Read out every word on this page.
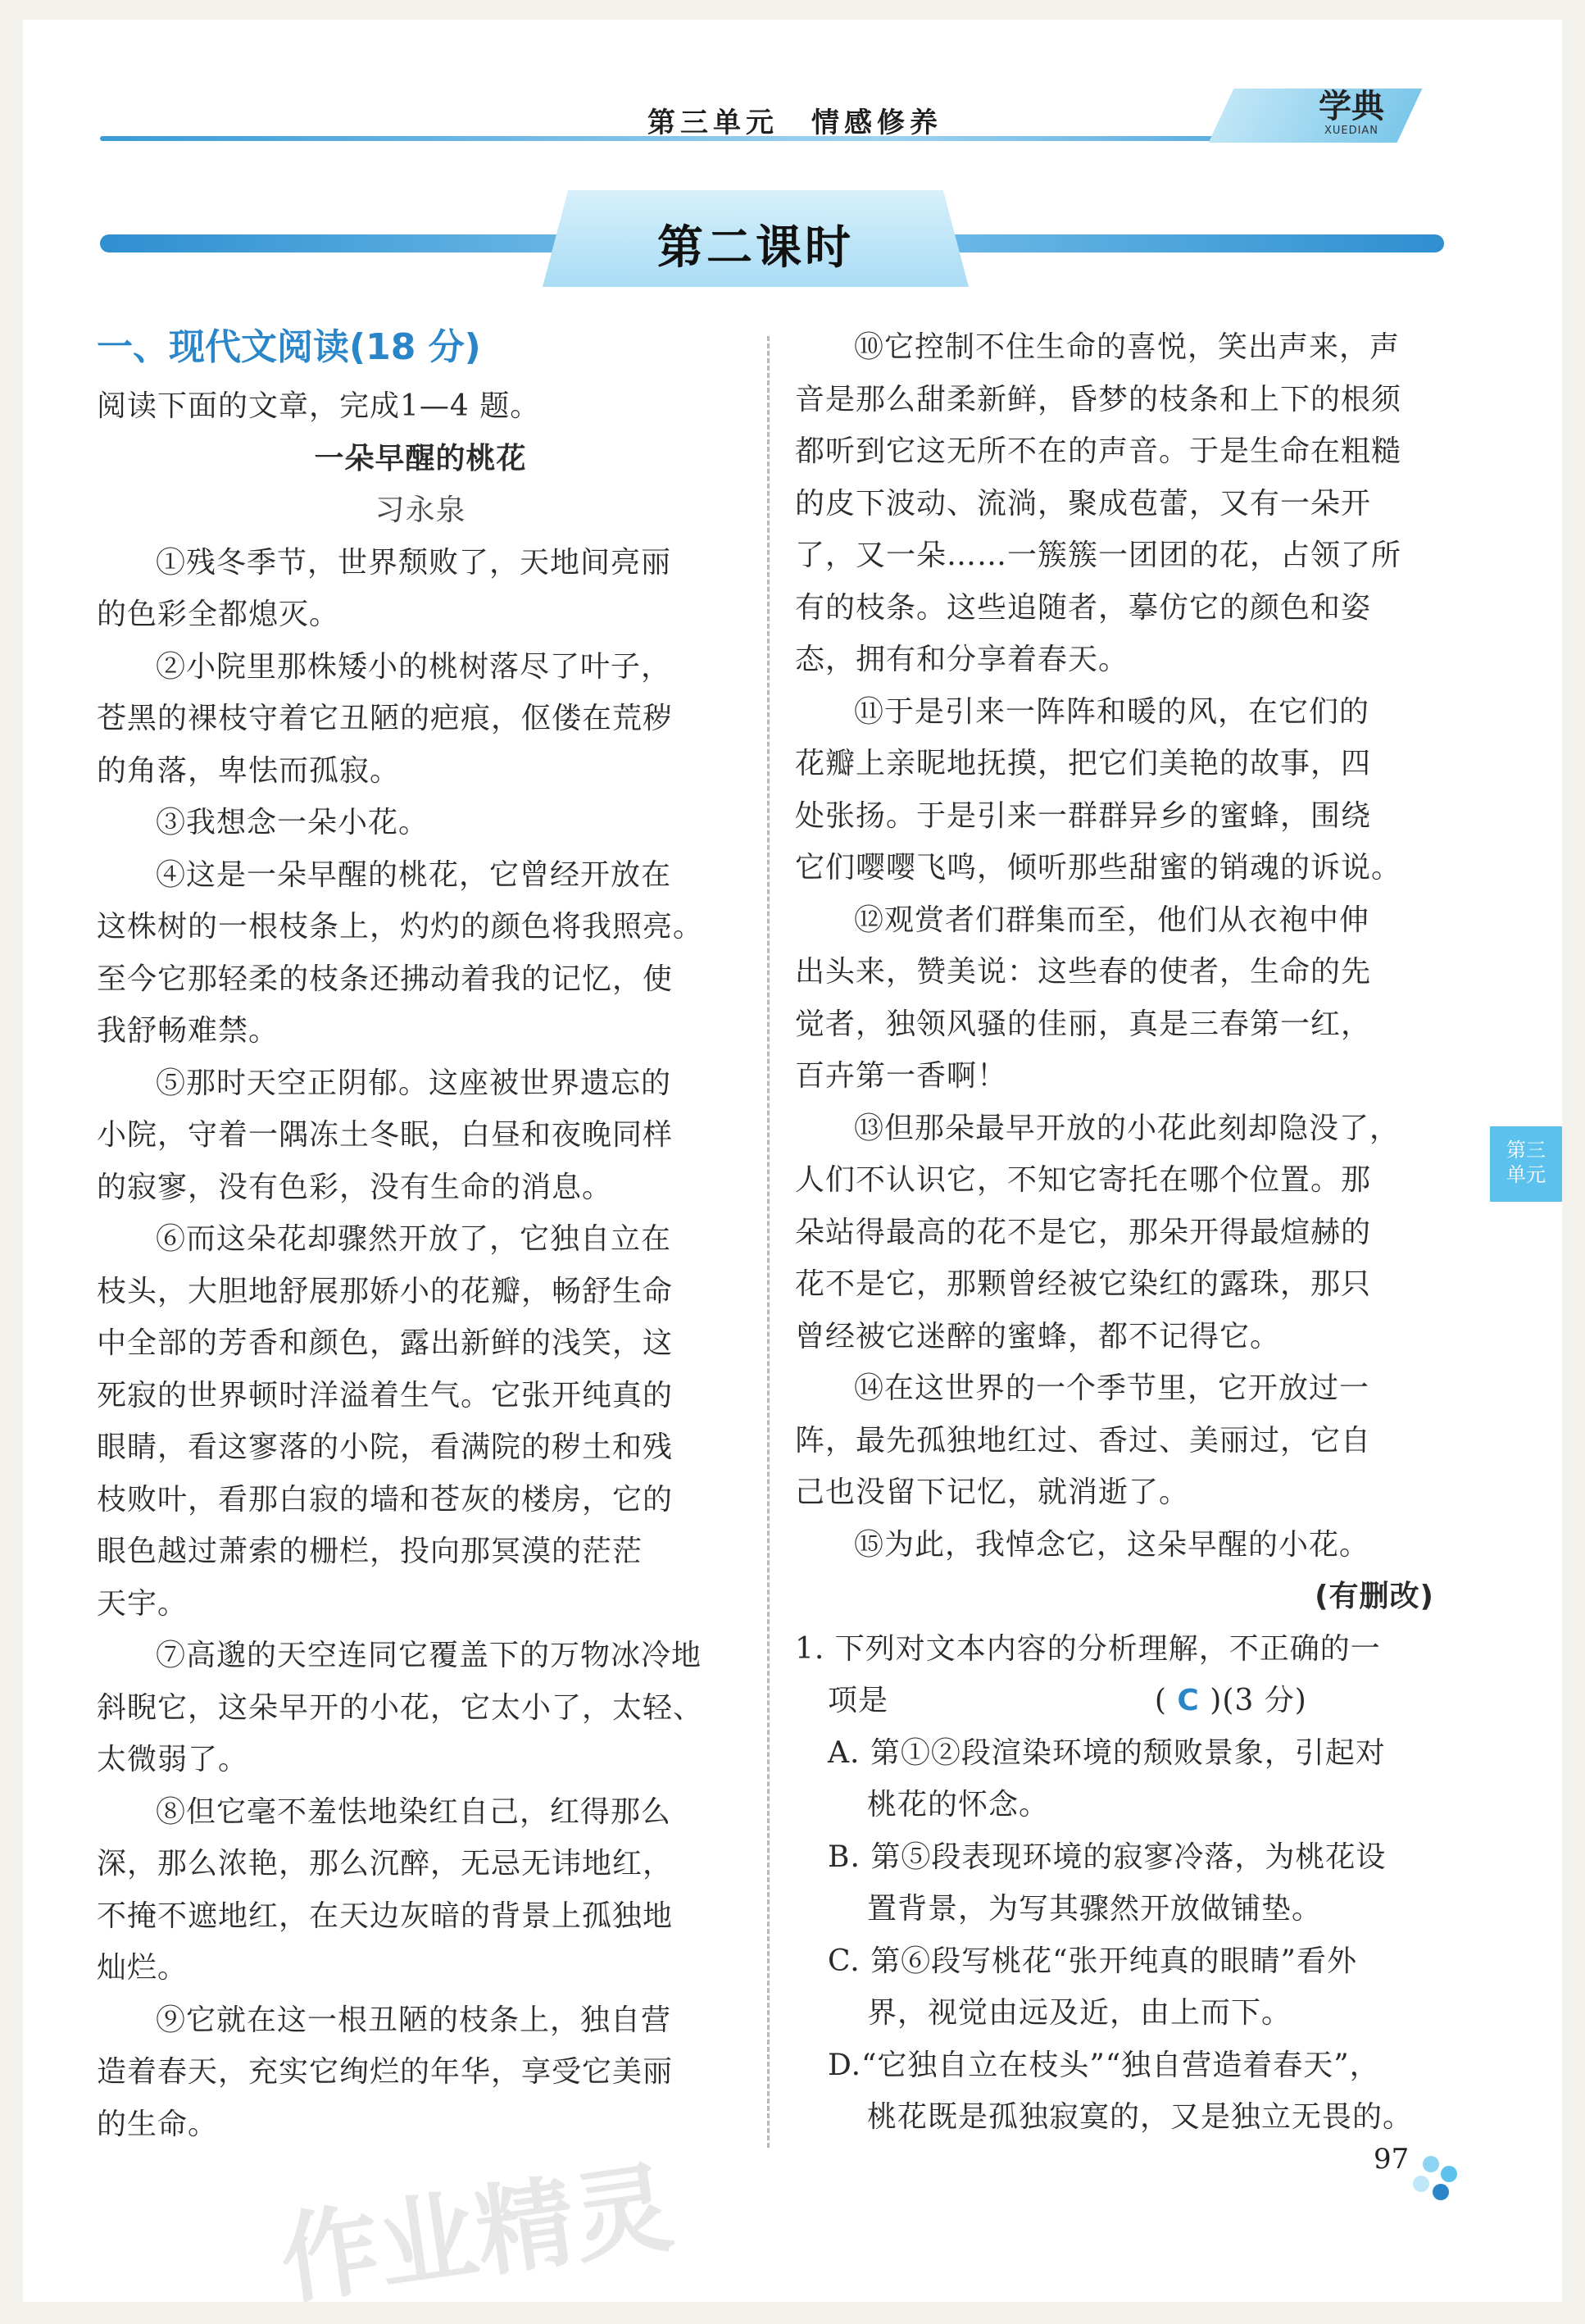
第三单元　情感修养	学典
XUEDIAN
第二课时
一、现代文阅读(18 分)

阅读下面的文章，完成1—4 题。

一朵早醒的桃花

习永泉

①残冬季节，世界颓败了，天地间亮丽

的色彩全都熄灭。

②小院里那株矮小的桃树落尽了叶子，

苍黑的裸枝守着它丑陋的疤痕，伛偻在荒秽

的角落，卑怯而孤寂。

③我想念一朵小花。

④这是一朵早醒的桃花，它曾经开放在

这株树的一根枝条上，灼灼的颜色将我照亮。

至今它那轻柔的枝条还拂动着我的记忆，使

我舒畅难禁。

⑤那时天空正阴郁。这座被世界遗忘的

小院，守着一隅冻土冬眠，白昼和夜晚同样

的寂寥，没有色彩，没有生命的消息。

⑥而这朵花却骤然开放了，它独自立在

枝头，大胆地舒展那娇小的花瓣，畅舒生命

中全部的芳香和颜色，露出新鲜的浅笑，这

死寂的世界顿时洋溢着生气。它张开纯真的

眼睛，看这寥落的小院，看满院的秽土和残

枝败叶，看那白寂的墙和苍灰的楼房，它的

眼色越过萧索的栅栏，投向那冥漠的茫茫

天宇。

⑦高邈的天空连同它覆盖下的万物冰冷地

斜睨它，这朵早开的小花，它太小了，太轻、

太微弱了。

⑧但它毫不羞怯地染红自己，红得那么

深，那么浓艳，那么沉醉，无忌无讳地红，

不掩不遮地红，在天边灰暗的背景上孤独地

灿烂。

⑨它就在这一根丑陋的枝条上，独自营

造着春天，充实它绚烂的年华，享受它美丽

的生命。

⑩它控制不住生命的喜悦，笑出声来，声

音是那么甜柔新鲜，昏梦的枝条和上下的根须

都听到它这无所不在的声音。于是生命在粗糙

的皮下波动、流淌，聚成苞蕾，又有一朵开

了，又一朵……一簇簇一团团的花，占领了所

有的枝条。这些追随者，摹仿它的颜色和姿

态，拥有和分享着春天。

⑪于是引来一阵阵和暖的风，在它们的

花瓣上亲昵地抚摸，把它们美艳的故事，四

处张扬。于是引来一群群异乡的蜜蜂，围绕

它们嘤嘤飞鸣，倾听那些甜蜜的销魂的诉说。

⑫观赏者们群集而至，他们从衣袍中伸

出头来，赞美说：这些春的使者，生命的先

觉者，独领风骚的佳丽，真是三春第一红，

百卉第一香啊！

⑬但那朵最早开放的小花此刻却隐没了，

人们不认识它，不知它寄托在哪个位置。那

朵站得最高的花不是它，那朵开得最煊赫的

花不是它，那颗曾经被它染红的露珠，那只

曾经被它迷醉的蜜蜂，都不记得它。

⑭在这世界的一个季节里，它开放过一

阵，最先孤独地红过、香过、美丽过，它自

己也没留下记忆，就消逝了。

⑮为此，我悼念它，这朵早醒的小花。

(有删改)

1. 下列对文本内容的分析理解，不正确的一

项是	( C )(3 分)

A. 第①②段渲染环境的颓败景象，引起对

桃花的怀念。

B. 第⑤段表现环境的寂寥冷落，为桃花设

置背景，为写其骤然开放做铺垫。

C. 第⑥段写桃花“张开纯真的眼睛”看外

界，视觉由远及近，由上而下。

D.“它独自立在枝头”“独自营造着春天”，

桃花既是孤独寂寞的，又是独立无畏的。

第三
单元
97
作业精灵
